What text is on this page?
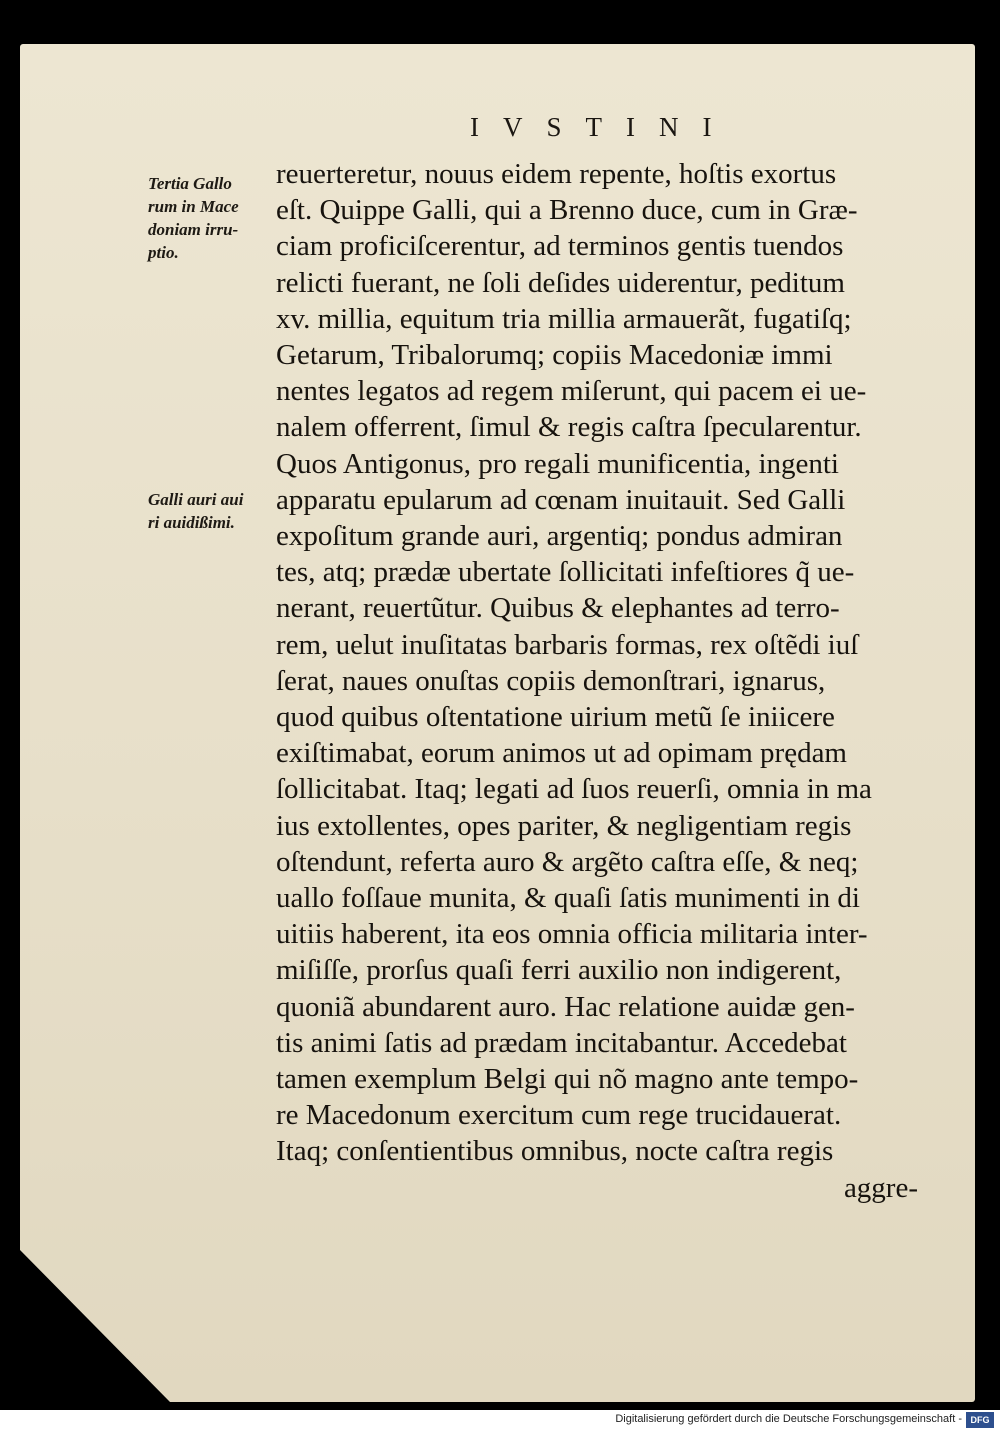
IVSTINI
Tertia Gallo
rum in Mace
doniam irru-
ptio.
Galli auri aui
ri auidißimi.
reuerteretur, nouus eidem repente, hoſtis exortus
eſt. Quippe Galli, qui a Brenno duce, cum in Græ-
ciam proficiſcerentur, ad terminos gentis tuendos
relicti fuerant, ne ſoli deſides uiderentur, peditum
xv. millia, equitum tria millia armauerãt, fugatiſq;
Getarum, Tribalorumq; copiis Macedoniæ immi
nentes legatos ad regem miſerunt, qui pacem ei ue-
nalem offerrent, ſimul & regis caſtra ſpecularentur.
Quos Antigonus, pro regali munificentia, ingenti
apparatu epularum ad cœnam inuitauit. Sed Galli
expoſitum grande auri, argentiq; pondus admiran
tes, atq; prædæ ubertate ſollicitati infeſtiores q̃ ue-
nerant, reuertũtur. Quibus & elephantes ad terro-
rem, uelut inuſitatas barbaris formas, rex oſtẽdi iuſ
ſerat, naues onuſtas copiis demonſtrari, ignarus,
quod quibus oſtentatione uirium metũ ſe iniicere
exiſtimabat, eorum animos ut ad opimam prędam
ſollicitabat. Itaq; legati ad ſuos reuerſi, omnia in ma
ius extollentes, opes pariter, & negligentiam regis
oſtendunt, referta auro & argẽto caſtra eſſe, & neq;
uallo foſſaue munita, & quaſi ſatis munimenti in di
uitiis haberent, ita eos omnia officia militaria inter-
miſiſſe, prorſus quaſi ferri auxilio non indigerent,
quoniã abundarent auro. Hac relatione auidæ gen-
tis animi ſatis ad prædam incitabantur. Accedebat
tamen exemplum Belgi qui nõ magno ante tempo-
re Macedonum exercitum cum rege trucidauerat.
Itaq; conſentientibus omnibus, nocte caſtra regis
aggre-
Digitalisierung gefördert durch die Deutsche Forschungsgemeinschaft - DFG
